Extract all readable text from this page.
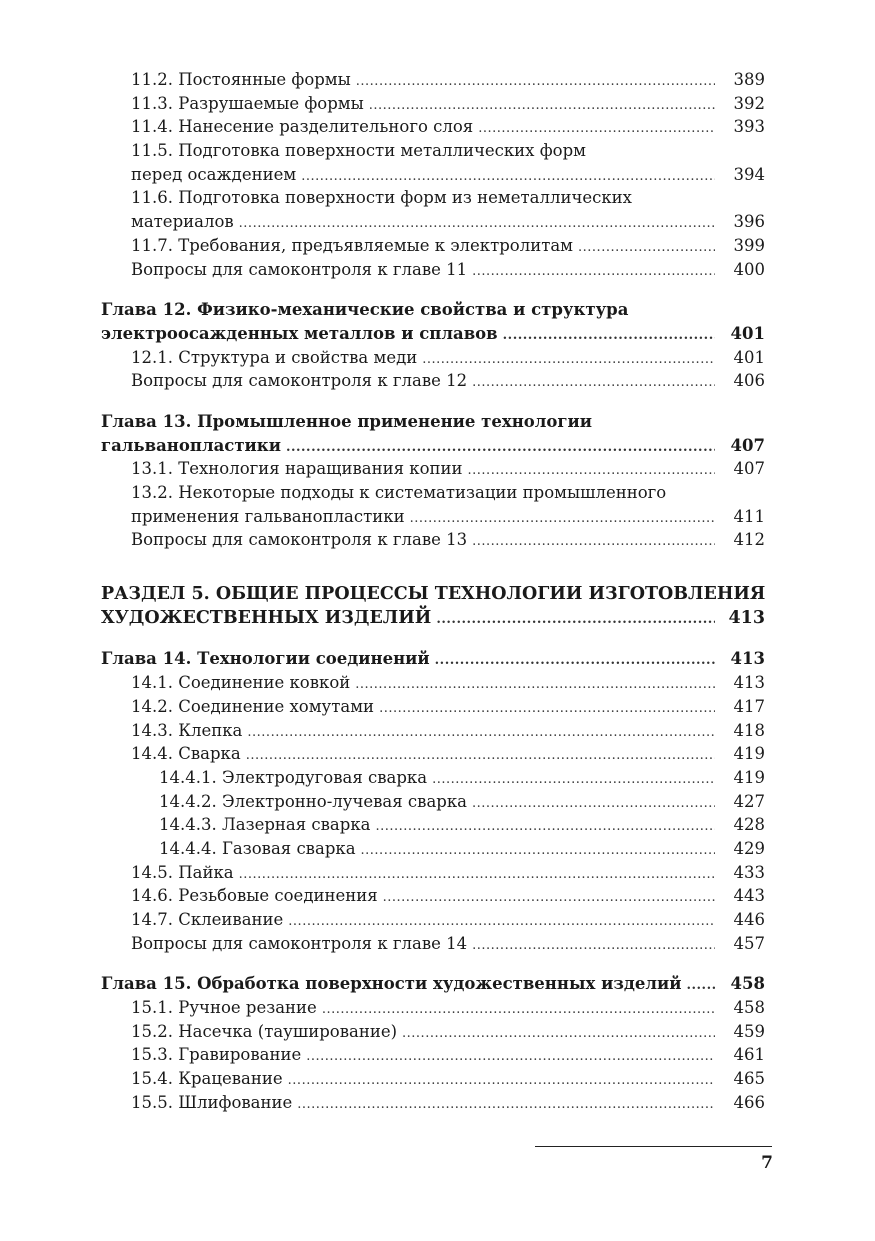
11.2. Постоянные формы .....	389
11.3. Разрушаемые формы .....	392
11.4. Нанесение разделительного слоя .....	393
11.5. Подготовка поверхности металлических форм
перед осаждением .....	394
11.6. Подготовка поверхности форм из неметаллических
материалов .....	396
11.7. Требования, предъявляемые к электролитам .....	399
Вопросы для самоконтроля к главе 11 .....	400
Глава 12. Физико-механические свойства и структура
электроосажденных металлов и сплавов .....	401
12.1. Структура и свойства меди .....	401
Вопросы для самоконтроля к главе 12 .....	406
Глава 13. Промышленное применение технологии
гальванопластики .....	407
13.1. Технология наращивания копии .....	407
13.2. Некоторые подходы к систематизации промышленного
применения гальванопластики .....	411
Вопросы для самоконтроля к главе 13 .....	412
РАЗДЕЛ 5. ОБЩИЕ ПРОЦЕССЫ ТЕХНОЛОГИИ ИЗГОТОВЛЕНИЯ
ХУДОЖЕСТВЕННЫХ ИЗДЕЛИЙ .....	413
Глава 14. Технологии соединений .....	413
14.1. Соединение ковкой .....	413
14.2. Соединение хомутами .....	417
14.3. Клепка .....	418
14.4. Сварка .....	419
14.4.1. Электродуговая сварка .....	419
14.4.2. Электронно-лучевая сварка .....	427
14.4.3. Лазерная сварка .....	428
14.4.4. Газовая сварка .....	429
14.5. Пайка .....	433
14.6. Резьбовые соединения .....	443
14.7. Склеивание .....	446
Вопросы для самоконтроля к главе 14 .....	457
Глава 15. Обработка поверхности художественных изделий .....	458
15.1. Ручное резание .....	458
15.2. Насечка (тауширование) .....	459
15.3. Гравирование .....	461
15.4. Крацевание .....	465
15.5. Шлифование .....	466
7
